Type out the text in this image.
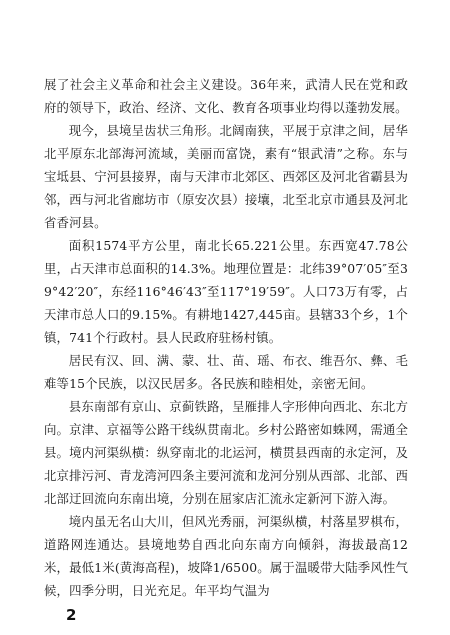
展了社会主义革命和社会主义建设。36年来，武清人民在党和政府的领导下，政治、经济、文化、教育各项事业均得以蓬勃发展。

现今，县境呈齿状三角形。北阔南狭，平展于京津之间，居华北平原东北部海河流域，美丽而富饶，素有“银武清”之称。东与宝坻县、宁河县接界，南与天津市北郊区、西郊区及河北省霸县为邻，西与河北省廊坊市（原安次县）接壤，北至北京市通县及河北省香河县。

面积1574平方公里，南北长65.221公里。东西宽47.78公里，占天津市总面积的14.3%。地理位置是：北纬39°07′05″至39°42′20″，东经116°46′43″至117°19′59″。人口73万有零，占天津市总人口的9.15%。有耕地1427,445亩。县辖33个乡，1个镇，741个行政村。县人民政府驻杨村镇。

居民有汉、回、满、蒙、壮、苗、瑶、布衣、维吾尔、彝、毛难等15个民族，以汉民居多。各民族和睦相处，亲密无间。

县东南部有京山、京蓟铁路，呈雁排人字形伸向西北、东北方向。京津、京福等公路干线纵贯南北。乡村公路密如蛛网，需通全县。境内河渠纵横：纵穿南北的北运河，横贯县西南的永定河，及北京排污河、青龙湾河四条主要河流和龙河分别从西部、北部、西北部迂回流向东南出境，分别在屈家店汇流永定新河下游入海。

境内虽无名山大川，但风光秀丽，河渠纵横，村落星罗棋布，道路网连通达。县境地势自西北向东南方向倾斜，海拔最高12米，最低1米(黄海高程)，坡降1/6500。属于温暖带大陆季风性气候，四季分明，日光充足。年平均气温为

2
